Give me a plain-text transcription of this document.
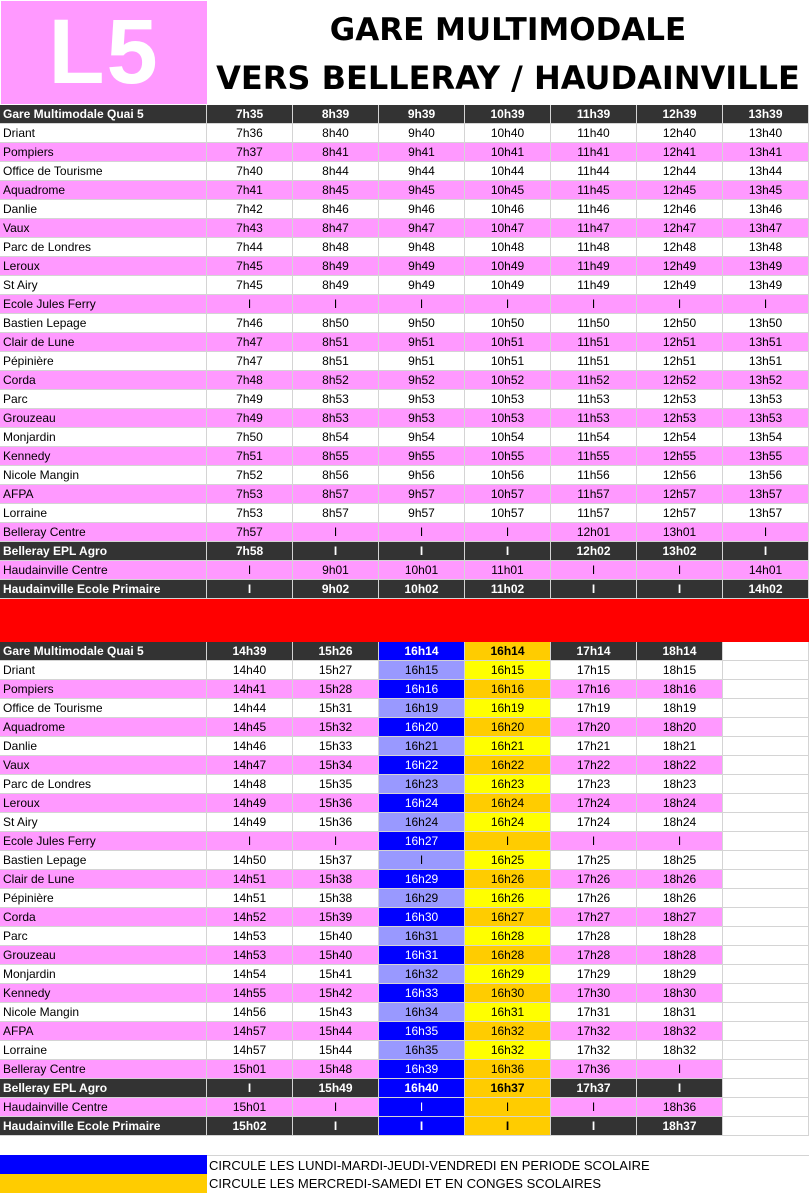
L5	GARE MULTIMODALE
VERS BELLERAY / HAUDAINVILLE
Gare Multimodale Quai 5	7h35	8h39	9h39	10h39	11h39	12h39	13h39
Driant	7h36	8h40	9h40	10h40	11h40	12h40	13h40
Pompiers	7h37	8h41	9h41	10h41	11h41	12h41	13h41
Office de Tourisme	7h40	8h44	9h44	10h44	11h44	12h44	13h44
Aquadrome	7h41	8h45	9h45	10h45	11h45	12h45	13h45
Danlie	7h42	8h46	9h46	10h46	11h46	12h46	13h46
Vaux	7h43	8h47	9h47	10h47	11h47	12h47	13h47
Parc de Londres	7h44	8h48	9h48	10h48	11h48	12h48	13h48
Leroux	7h45	8h49	9h49	10h49	11h49	12h49	13h49
St Airy	7h45	8h49	9h49	10h49	11h49	12h49	13h49
Ecole Jules Ferry	I	I	I	I	I	I	I
Bastien Lepage	7h46	8h50	9h50	10h50	11h50	12h50	13h50
Clair de Lune	7h47	8h51	9h51	10h51	11h51	12h51	13h51
Pépinière	7h47	8h51	9h51	10h51	11h51	12h51	13h51
Corda	7h48	8h52	9h52	10h52	11h52	12h52	13h52
Parc	7h49	8h53	9h53	10h53	11h53	12h53	13h53
Grouzeau	7h49	8h53	9h53	10h53	11h53	12h53	13h53
Monjardin	7h50	8h54	9h54	10h54	11h54	12h54	13h54
Kennedy	7h51	8h55	9h55	10h55	11h55	12h55	13h55
Nicole Mangin	7h52	8h56	9h56	10h56	11h56	12h56	13h56
AFPA	7h53	8h57	9h57	10h57	11h57	12h57	13h57
Lorraine	7h53	8h57	9h57	10h57	11h57	12h57	13h57
Belleray Centre	7h57	I	I	I	12h01	13h01	I
Belleray EPL Agro	7h58	I	I	I	12h02	13h02	I
Haudainville Centre	I	9h01	10h01	11h01	I	I	14h01
Haudainville Ecole Primaire	I	9h02	10h02	11h02	I	I	14h02
Gare Multimodale Quai 5	14h39	15h26	16h14	16h14	17h14	18h14
Driant	14h40	15h27	16h15	16h15	17h15	18h15
Pompiers	14h41	15h28	16h16	16h16	17h16	18h16
Office de Tourisme	14h44	15h31	16h19	16h19	17h19	18h19
Aquadrome	14h45	15h32	16h20	16h20	17h20	18h20
Danlie	14h46	15h33	16h21	16h21	17h21	18h21
Vaux	14h47	15h34	16h22	16h22	17h22	18h22
Parc de Londres	14h48	15h35	16h23	16h23	17h23	18h23
Leroux	14h49	15h36	16h24	16h24	17h24	18h24
St Airy	14h49	15h36	16h24	16h24	17h24	18h24
Ecole Jules Ferry	I	I	16h27	I	I	I
Bastien Lepage	14h50	15h37	I	16h25	17h25	18h25
Clair de Lune	14h51	15h38	16h29	16h26	17h26	18h26
Pépinière	14h51	15h38	16h29	16h26	17h26	18h26
Corda	14h52	15h39	16h30	16h27	17h27	18h27
Parc	14h53	15h40	16h31	16h28	17h28	18h28
Grouzeau	14h53	15h40	16h31	16h28	17h28	18h28
Monjardin	14h54	15h41	16h32	16h29	17h29	18h29
Kennedy	14h55	15h42	16h33	16h30	17h30	18h30
Nicole Mangin	14h56	15h43	16h34	16h31	17h31	18h31
AFPA	14h57	15h44	16h35	16h32	17h32	18h32
Lorraine	14h57	15h44	16h35	16h32	17h32	18h32
Belleray Centre	15h01	15h48	16h39	16h36	17h36	I
Belleray EPL Agro	I	15h49	16h40	16h37	17h37	I
Haudainville Centre	15h01	I	I	I	I	18h36
Haudainville Ecole Primaire	15h02	I	I	I	I	18h37
CIRCULE LES LUNDI-MARDI-JEUDI-VENDREDI EN PERIODE SCOLAIRE
CIRCULE LES MERCREDI-SAMEDI ET EN CONGES SCOLAIRES
